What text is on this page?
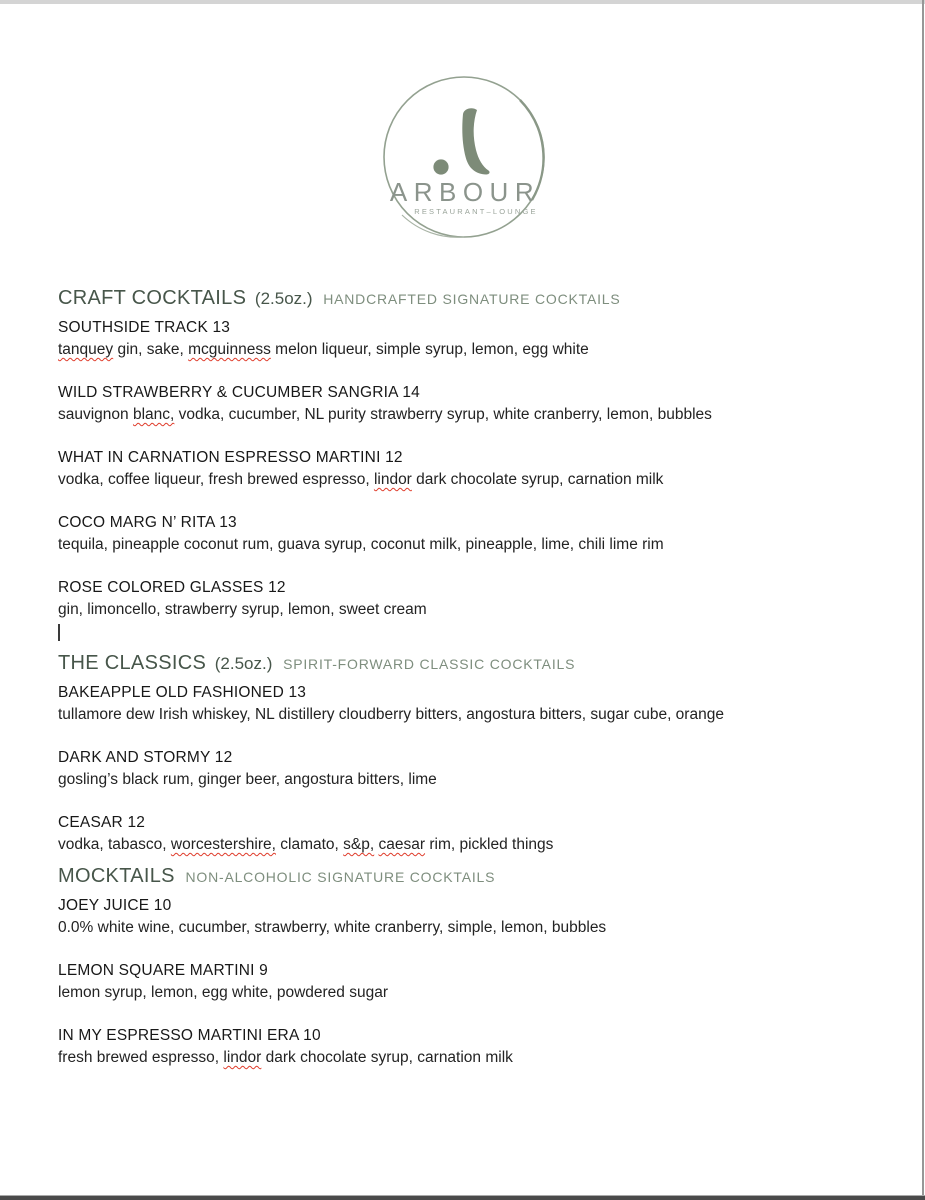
ARBOUR
RESTAURANT–LOUNGE
CRAFT COCKTAILS (2.5oz.) HANDCRAFTED SIGNATURE COCKTAILS
SOUTHSIDE TRACK 13
tanquey gin, sake, mcguinness melon liqueur, simple syrup, lemon, egg white
WILD STRAWBERRY & CUCUMBER SANGRIA 14
sauvignon blanc, vodka, cucumber, NL purity strawberry syrup, white cranberry, lemon, bubbles
WHAT IN CARNATION ESPRESSO MARTINI 12
vodka, coffee liqueur, fresh brewed espresso, lindor dark chocolate syrup, carnation milk
COCO MARG N’ RITA 13
tequila, pineapple coconut rum, guava syrup, coconut milk, pineapple, lime, chili lime rim
ROSE COLORED GLASSES 12
gin, limoncello, strawberry syrup, lemon, sweet cream
THE CLASSICS (2.5oz.) SPIRIT-FORWARD CLASSIC COCKTAILS
BAKEAPPLE OLD FASHIONED 13
tullamore dew Irish whiskey, NL distillery cloudberry bitters, angostura bitters, sugar cube, orange
DARK AND STORMY 12
gosling’s black rum, ginger beer, angostura bitters, lime
CEASAR 12
vodka, tabasco, worcestershire, clamato, s&p, caesar rim, pickled things
MOCKTAILS NON-ALCOHOLIC SIGNATURE COCKTAILS
JOEY JUICE 10
0.0% white wine, cucumber, strawberry, white cranberry, simple, lemon, bubbles
LEMON SQUARE MARTINI 9
lemon syrup, lemon, egg white, powdered sugar
IN MY ESPRESSO MARTINI ERA 10
fresh brewed espresso, lindor dark chocolate syrup, carnation milk
